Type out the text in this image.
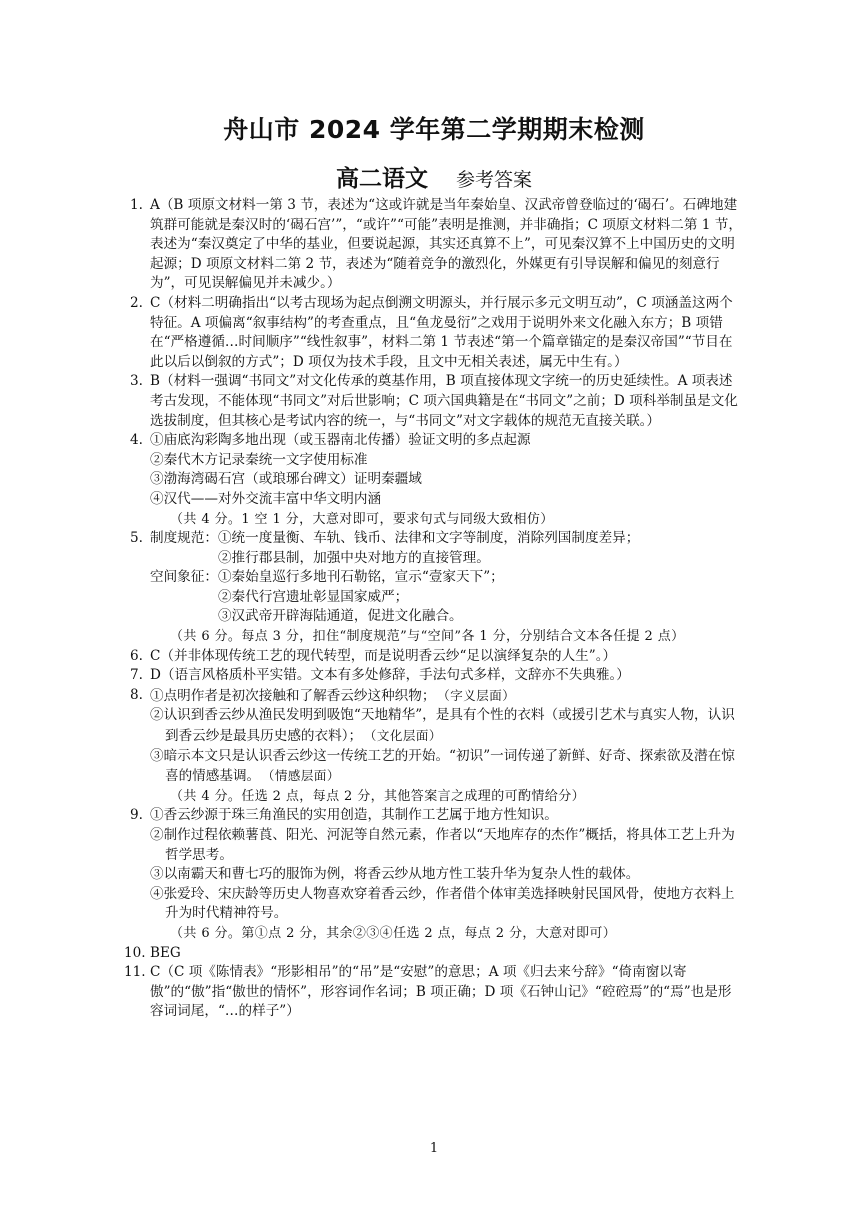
舟山市 2024 学年第二学期期末检测
高二语文 参考答案
1. A（B 项原文材料一第 3 节，表述为“这或许就是当年秦始皇、汉武帝曾登临过的‘碣石’。石碑地建筑群可能就是秦汉时的‘碣石宫’”，“或许”“可能”表明是推测，并非确指；C 项原文材料二第 1 节，表述为“秦汉奠定了中华的基业，但要说起源，其实还真算不上”，可见秦汉算不上中国历史的文明起源；D 项原文材料二第 2 节，表述为“随着竞争的激烈化，外媒更有引导误解和偏见的刻意行为”，可见误解偏见并未减少。）
2. C（材料二明确指出“以考古现场为起点倒溯文明源头，并行展示多元文明互动”，C 项涵盖这两个特征。A 项偏离“叙事结构”的考查重点，且“鱼龙曼衍”之戏用于说明外来文化融入东方；B 项错在“严格遵循…时间顺序”“线性叙事”，材料二第 1 节表述“第一个篇章锚定的是秦汉帝国”“节目在此以后以倒叙的方式”；D 项仅为技术手段，且文中无相关表述，属无中生有。）
3. B（材料一强调“书同文”对文化传承的奠基作用，B 项直接体现文字统一的历史延续性。A 项表述考古发现，不能体现“书同文”对后世影响；C 项六国典籍是在“书同文”之前；D 项科举制虽是文化选拔制度，但其核心是考试内容的统一，与“书同文”对文字载体的规范无直接关联。）
4. ①庙底沟彩陶多地出现（或玉器南北传播）验证文明的多点起源
②秦代木方记录秦统一文字使用标准
③渤海湾碣石宫（或琅琊台碑文）证明秦疆域
④汉代——对外交流丰富中华文明内涵
（共 4 分。1 空 1 分，大意对即可，要求句式与同级大致相仿）
5. 制度规范： ①统一度量衡、车轨、钱币、法律和文字等制度，消除列国制度差异；
②推行郡县制，加强中央对地方的直接管理。
空间象征： ①秦始皇巡行多地刊石勒铭，宣示“壹家天下”；
②秦代行宫遗址彰显国家威严；
③汉武帝开辟海陆通道，促进文化融合。
（共 6 分。每点 3 分，扣住“制度规范”与“空间”各 1 分，分别结合文本各任提 2 点）
6. C（并非体现传统工艺的现代转型，而是说明香云纱“足以演绎复杂的人生”。）
7. D（语言风格质朴平实错。文本有多处修辞，手法句式多样，文辞亦不失典雅。）
8. ①点明作者是初次接触和了解香云纱这种织物； （字义层面）
②认识到香云纱从渔民发明到吸饱“天地精华”，是具有个性的衣料（或援引艺术与真实人物，认识到香云纱是最具历史感的衣料）； （文化层面）
③暗示本文只是认识香云纱这一传统工艺的开始。“初识”一词传递了新鲜、好奇、探索欲及潜在惊喜的情感基调。 （情感层面）
（共 4 分。任选 2 点，每点 2 分，其他答案言之成理的可酌情给分）
9. ①香云纱源于珠三角渔民的实用创造，其制作工艺属于地方性知识。
②制作过程依赖薯莨、阳光、河泥等自然元素，作者以“天地库存的杰作”概括，将具体工艺上升为哲学思考。
③以南霸天和曹七巧的服饰为例，将香云纱从地方性工装升华为复杂人性的载体。
④张爱玲、宋庆龄等历史人物喜欢穿着香云纱，作者借个体审美选择映射民国风骨，使地方衣料上升为时代精神符号。
（共 6 分。第①点 2 分，其余②③④任选 2 点，每点 2 分，大意对即可）
10. BEG
11. C（C 项《陈情表》“形影相吊”的“吊”是“安慰”的意思；A 项《归去来兮辞》“倚南窗以寄傲”的“傲”指“傲世的情怀”，形容词作名词；B 项正确；D 项《石钟山记》“硿硿焉”的“焉”也是形容词词尾，“…的样子”）
1
